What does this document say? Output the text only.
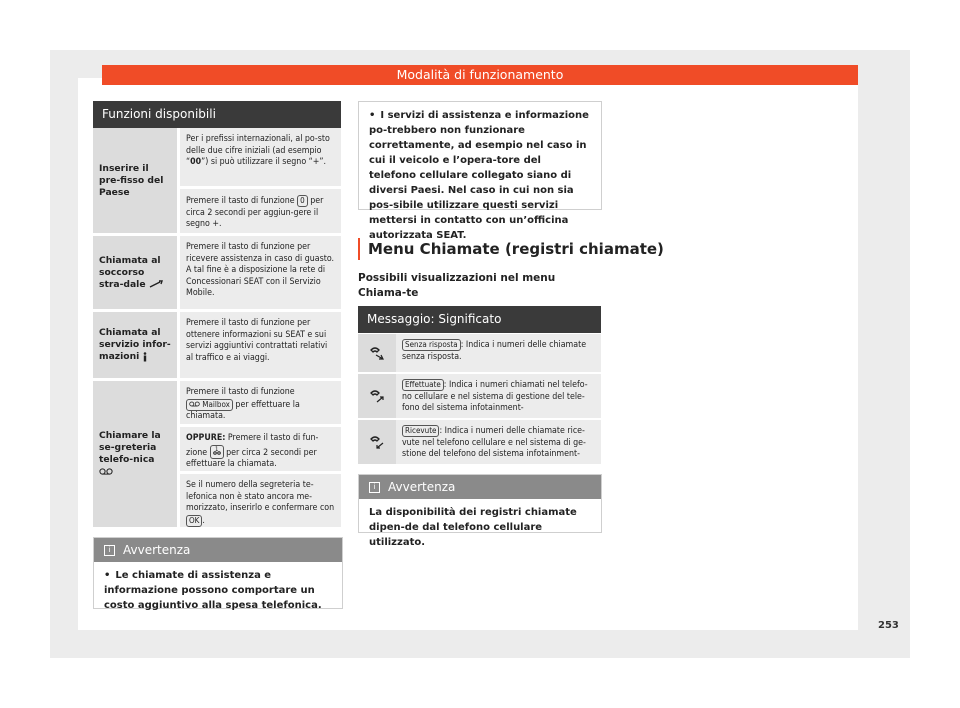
Modalità di funzionamento
Funzioni disponibili
Inserire il pre-fisso del Paese
Per i prefissi internazionali, al po-sto delle due cifre iniziali (ad esempio “00”) si può utilizzare il segno “+”.
Premere il tasto di funzione 0 per circa 2 secondi per aggiun-gere il segno +.
Chiamata al soccorso stra-dale
Premere il tasto di funzione per ricevere assistenza in caso di guasto. A tal fine è a disposizione la rete di Concessionari SEAT con il Servizio Mobile.
Chiamata al servizio infor-mazioni
Premere il tasto di funzione per ottenere informazioni su SEAT e sui servizi aggiuntivi contrattati relativi al traffico e ai viaggi.
Chiamare la se-greteria telefo-nica
Premere il tasto di funzione  Mailbox per effettuare la chiamata.
OPPURE: Premere il tasto di fun-zione 1 per circa 2 secondi per effettuare la chiamata.
Se il numero della segreteria te-lefonica non è stato ancora me-morizzato, inserirlo e confermare con OK .
i Avvertenza
• Le chiamate di assistenza e informazione possono comportare un costo aggiuntivo alla spesa telefonica.
• I servizi di assistenza e informazione po-trebbero non funzionare correttamente, ad esempio nel caso in cui il veicolo e l’opera-tore del telefono cellulare collegato siano di diversi Paesi. Nel caso in cui non sia pos-sibile utilizzare questi servizi mettersi in contatto con un’officina autorizzata SEAT.
Menu Chiamate (registri chiamate)
Possibili visualizzazioni nel menu Chiama-te
Messaggio: Significato
Senza risposta : Indica i numeri delle chiamate senza risposta.
Effettuate : Indica i numeri chiamati nel telefo-no cellulare e nel sistema di gestione del tele-fono del sistema infotainment-
Ricevute : Indica i numeri delle chiamate rice-vute nel telefono cellulare e nel sistema di ge-stione del telefono del sistema infotainment-
i Avvertenza
La disponibilità dei registri chiamate dipen-de dal telefono cellulare utilizzato.
253
